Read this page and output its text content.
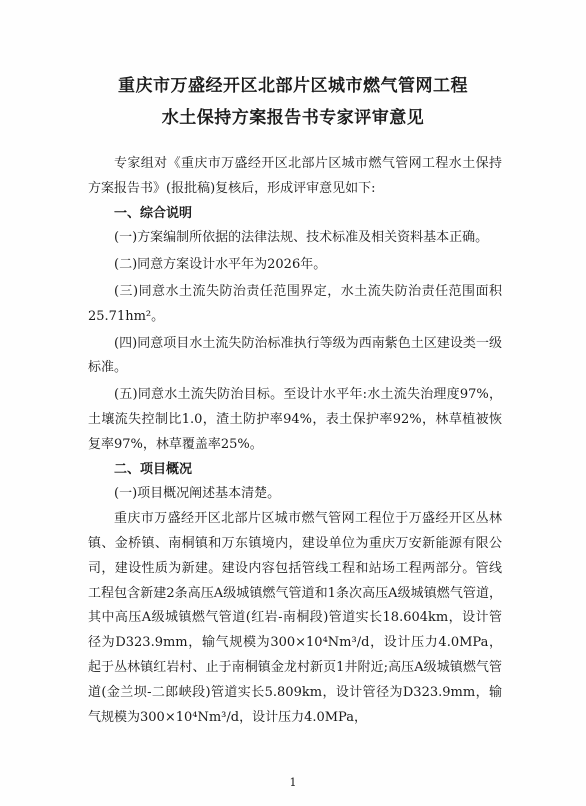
重庆市万盛经开区北部片区城市燃气管网工程
水土保持方案报告书专家评审意见

专家组对《重庆市万盛经开区北部片区城市燃气管网工程水土保持方案报告书》(报批稿)复核后，形成评审意见如下:

一、综合说明

(一)方案编制所依据的法律法规、技术标准及相关资料基本正确。

(二)同意方案设计水平年为2026年。

(三)同意水土流失防治责任范围界定，水土流失防治责任范围面积25.71hm²。

(四)同意项目水土流失防治标准执行等级为西南紫色土区建设类一级标准。

(五)同意水土流失防治目标。至设计水平年:水土流失治理度97%，土壤流失控制比1.0，渣土防护率94%，表土保护率92%，林草植被恢复率97%，林草覆盖率25%。

二、项目概况

(一)项目概况阐述基本清楚。

重庆市万盛经开区北部片区城市燃气管网工程位于万盛经开区丛林镇、金桥镇、南桐镇和万东镇境内，建设单位为重庆万安新能源有限公司，建设性质为新建。建设内容包括管线工程和站场工程两部分。管线工程包含新建2条高压A级城镇燃气管道和1条次高压A级城镇燃气管道，其中高压A级城镇燃气管道(红岩-南桐段)管道实长18.604km，设计管径为D323.9mm，输气规模为300×10⁴Nm³/d，设计压力4.0MPa，起于丛林镇红岩村、止于南桐镇金龙村新页1井附近;高压A级城镇燃气管道(金兰坝-二郎峡段)管道实长5.809km，设计管径为D323.9mm，输气规模为300×10⁴Nm³/d，设计压力4.0MPa，

1
